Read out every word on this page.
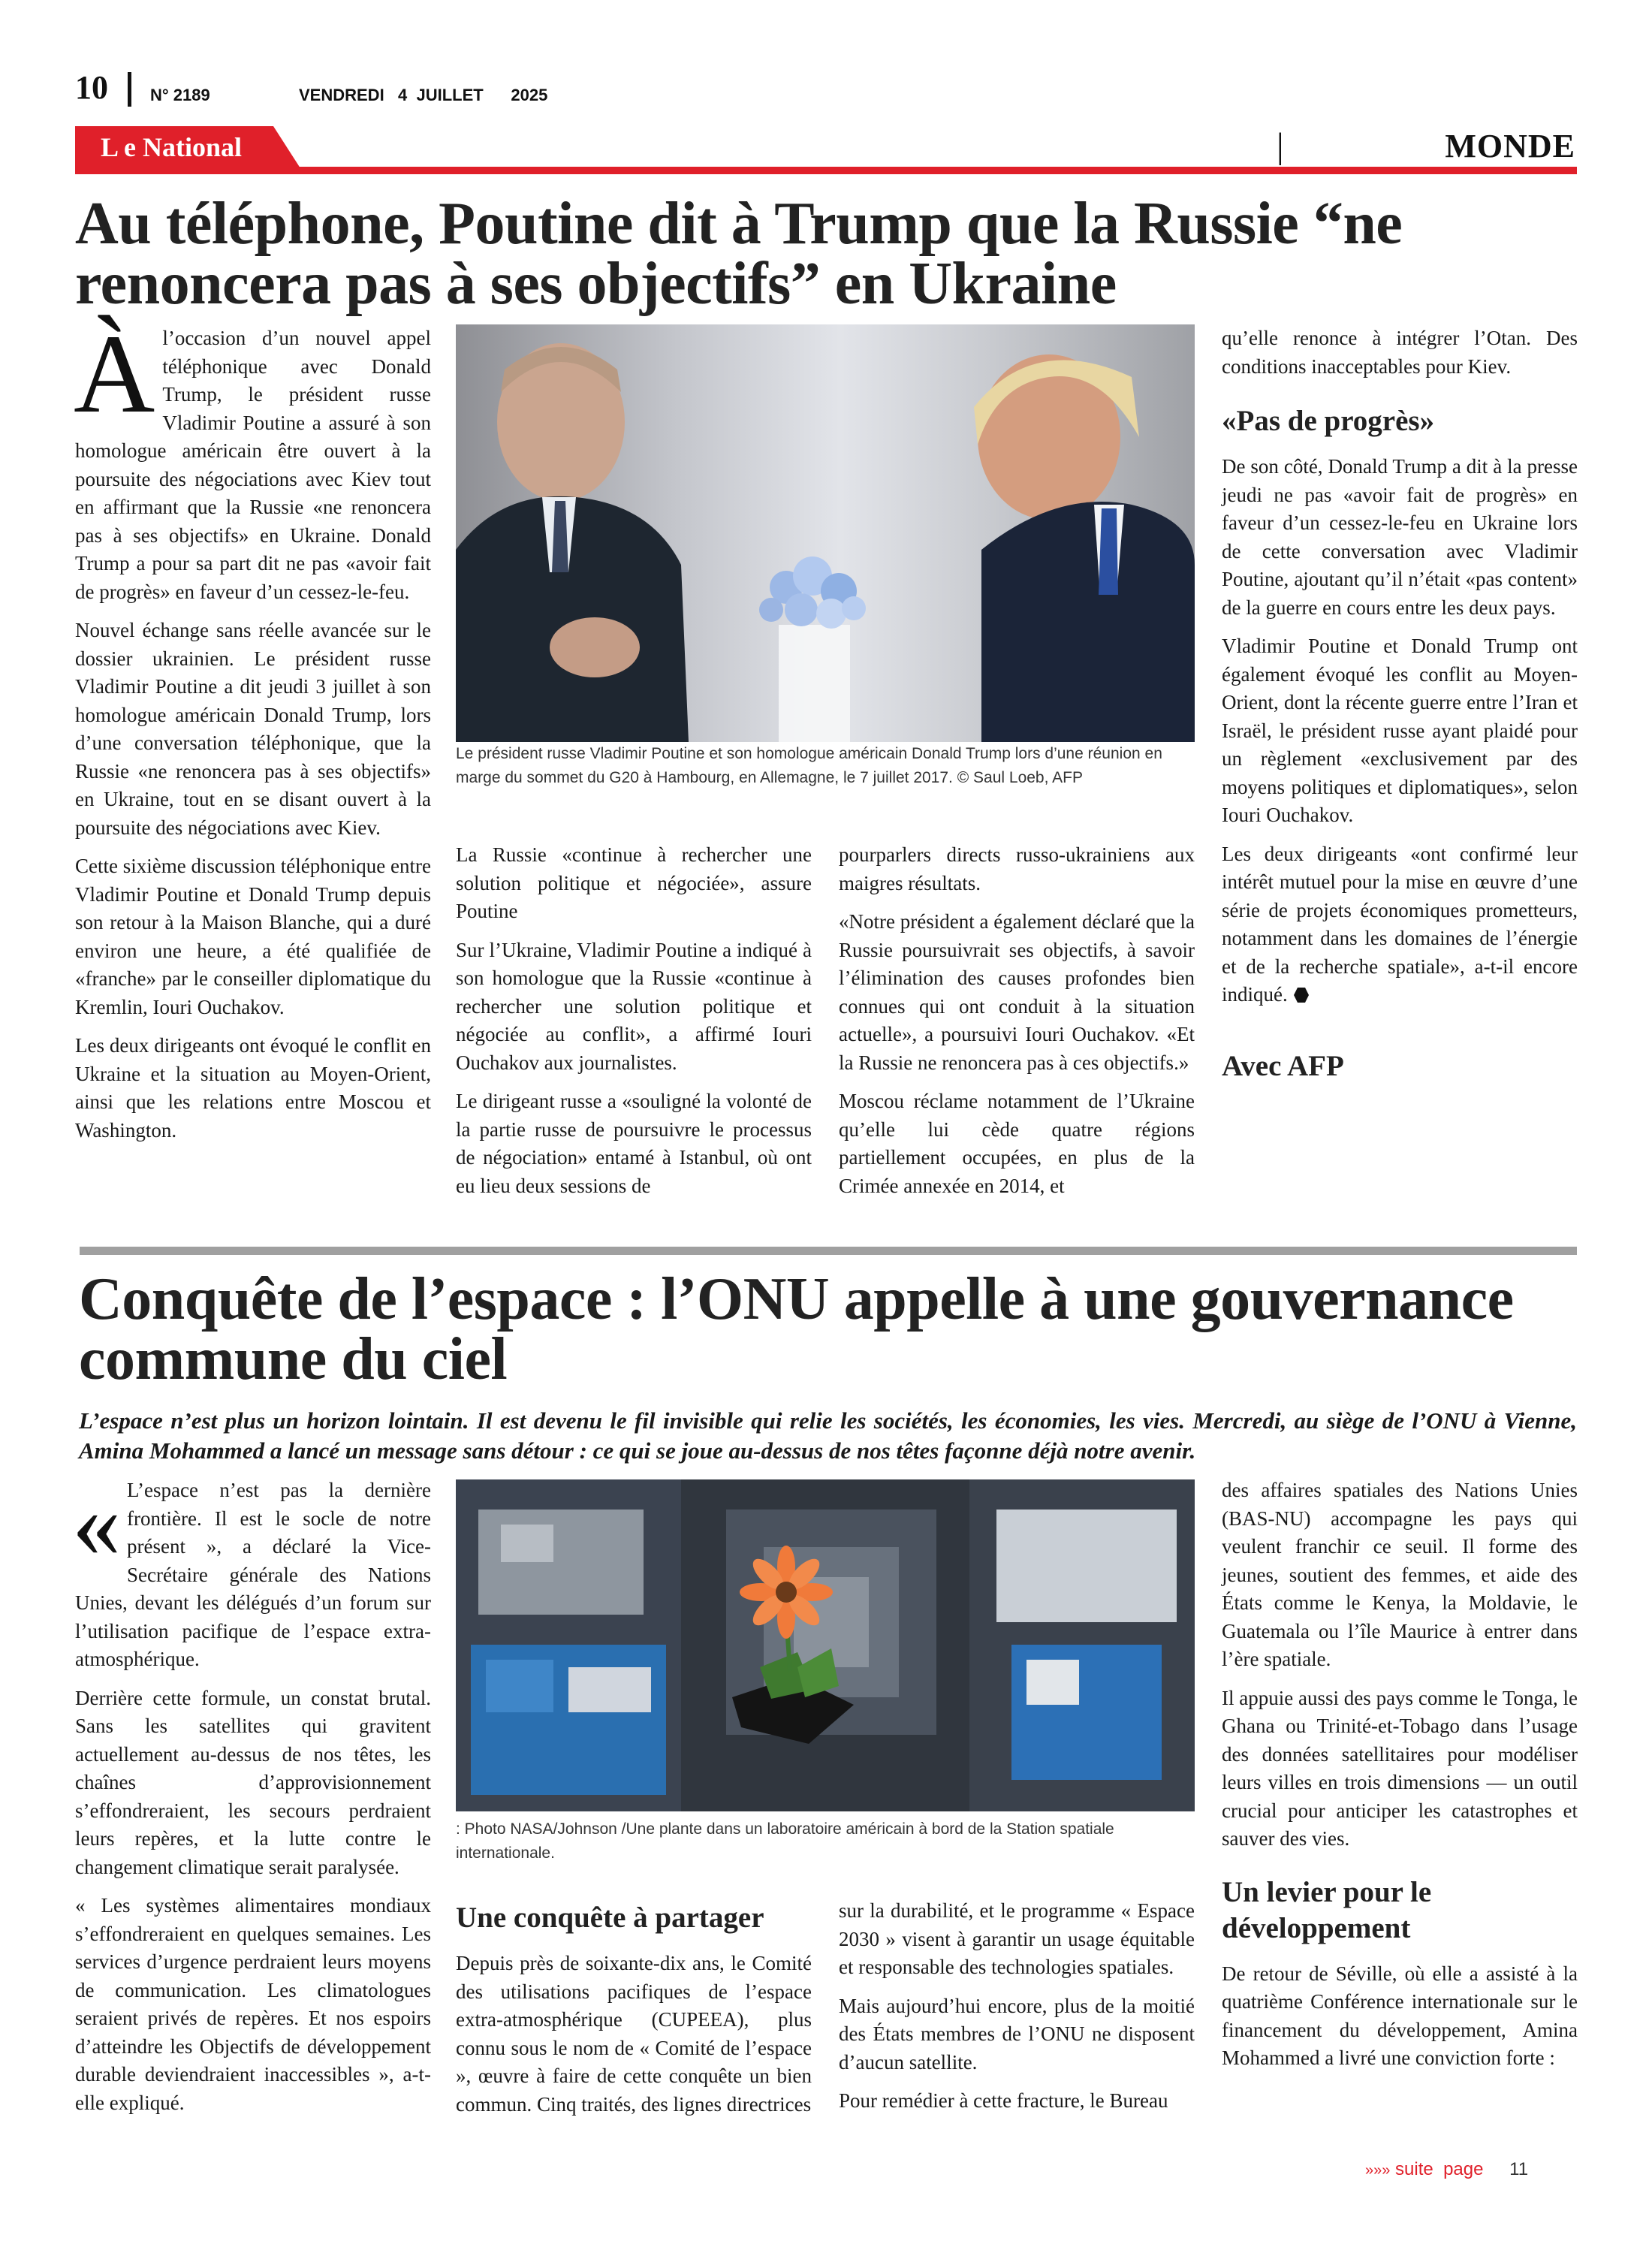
10	N° 2189	VENDREDI   4  JUILLET      2025
L e National	|	MONDE
Au téléphone, Poutine dit à Trump que la Russie “ne renoncera pas à ses objectifs” en Ukraine
À l’occasion d’un nouvel appel téléphonique avec Donald Trump, le président russe Vladimir Poutine a assuré à son homologue américain être ouvert à la poursuite des négociations avec Kiev tout en affirmant que la Russie «ne renoncera pas à ses objectifs» en Ukraine. Donald Trump a pour sa part dit ne pas «avoir fait de progrès» en faveur d’un cessez-le-feu.

Nouvel échange sans réelle avancée sur le dossier ukrainien. Le président russe Vladimir Poutine a dit jeudi 3 juillet à son homologue américain Donald Trump, lors d’une conversation téléphonique, que la Russie «ne renoncera pas à ses objectifs» en Ukraine, tout en se disant ouvert à la poursuite des négociations avec Kiev.

Cette sixième discussion téléphonique entre Vladimir Poutine et Donald Trump depuis son retour à la Maison Blanche, qui a duré environ une heure, a été qualifiée de «franche» par le conseiller diplomatique du Kremlin, Iouri Ouchakov.

Les deux dirigeants ont évoqué le conflit en Ukraine et la situation au Moyen-Orient, ainsi que les relations entre Moscou et Washington.

Le président russe Vladimir Poutine et son homologue américain Donald Trump lors d’une réunion en marge du sommet du G20 à Hambourg, en Allemagne, le 7 juillet 2017. © Saul Loeb, AFP

La Russie «continue à rechercher une solution politique et négociée», assure Poutine

Sur l’Ukraine, Vladimir Poutine a indiqué à son homologue que la Russie «continue à rechercher une solution politique et négociée au conflit», a affirmé Iouri Ouchakov aux journalistes.

Le dirigeant russe a «souligné la volonté de la partie russe de poursuivre le processus de négociation» entamé à Istanbul, où ont eu lieu deux sessions de

pourparlers directs russo-ukrainiens aux maigres résultats.

«Notre président a également déclaré que la Russie poursuivrait ses objectifs, à savoir l’élimination des causes profondes bien connues qui ont conduit à la situation actuelle», a poursuivi Iouri Ouchakov. «Et la Russie ne renoncera pas à ces objectifs.»

Moscou réclame notamment de l’Ukraine qu’elle lui cède quatre régions partiellement occupées, en plus de la Crimée annexée en 2014, et

qu’elle renonce à intégrer l’Otan. Des conditions inacceptables pour Kiev.

«Pas de progrès»

De son côté, Donald Trump a dit à la presse jeudi ne pas «avoir fait de progrès» en faveur d’un cessez-le-feu en Ukraine lors de cette conversation avec Vladimir Poutine, ajoutant qu’il n’était «pas content» de la guerre en cours entre les deux pays.

Vladimir Poutine et Donald Trump ont également évoqué les conflit au Moyen-Orient, dont la récente guerre entre l’Iran et Israël, le président russe ayant plaidé pour un règlement «exclusivement par des moyens politiques et diplomatiques», selon Iouri Ouchakov.

Les deux dirigeants «ont confirmé leur intérêt mutuel pour la mise en œuvre d’une série de projets économiques prometteurs, notamment dans les domaines de l’énergie et de la recherche spatiale», a-t-il encore indiqué.

Avec AFP
Conquête de l’espace : l’ONU appelle à une gouvernance commune du ciel

L’espace n’est plus un horizon lointain. Il est devenu le fil invisible qui relie les sociétés, les économies, les vies. Mercredi, au siège de l’ONU à Vienne, Amina Mohammed a lancé un message sans détour : ce qui se joue au-dessus de nos têtes façonne déjà notre avenir.

« L’espace n’est pas la dernière frontière. Il est le socle de notre présent », a déclaré la Vice-Secrétaire générale des Nations Unies, devant les délégués d’un forum sur l’utilisation pacifique de l’espace extra-atmosphérique.

Derrière cette formule, un constat brutal. Sans les satellites qui gravitent actuellement au-dessus de nos têtes, les chaînes d’approvisionnement s’effondreraient, les secours perdraient leurs repères, et la lutte contre le changement climatique serait paralysée.

« Les systèmes alimentaires mondiaux s’effondreraient en quelques semaines. Les services d’urgence perdraient leurs moyens de communication. Les climatologues seraient privés de repères. Et nos espoirs d’atteindre les Objectifs de développement durable deviendraient inaccessibles », a-t-elle expliqué.

: Photo NASA/Johnson /Une plante dans un laboratoire américain à bord de la Station spatiale internationale.

Une conquête à partager

Depuis près de soixante-dix ans, le Comité des utilisations pacifiques de l’espace extra-atmosphérique (CUPEEA), plus connu sous le nom de « Comité de l’espace », œuvre à faire de cette conquête un bien commun. Cinq traités, des lignes directrices

sur la durabilité, et le programme « Espace 2030 » visent à garantir un usage équitable et responsable des technologies spatiales.

Mais aujourd’hui encore, plus de la moitié des États membres de l’ONU ne disposent d’aucun satellite.

Pour remédier à cette fracture, le Bureau

des affaires spatiales des Nations Unies (BAS-NU) accompagne les pays qui veulent franchir ce seuil. Il forme des jeunes, soutient des femmes, et aide des États comme le Kenya, la Moldavie, le Guatemala ou l’île Maurice à entrer dans l’ère spatiale.

Il appuie aussi des pays comme le Tonga, le Ghana ou Trinité-et-Tobago dans l’usage des données satellitaires pour modéliser leurs villes en trois dimensions — un outil crucial pour anticiper les catastrophes et sauver des vies.

Un levier pour le développement

De retour de Séville, où elle a assisté à la quatrième Conférence internationale sur le financement du développement, Amina Mohammed a livré une conviction forte :

»»» suite  page 11
